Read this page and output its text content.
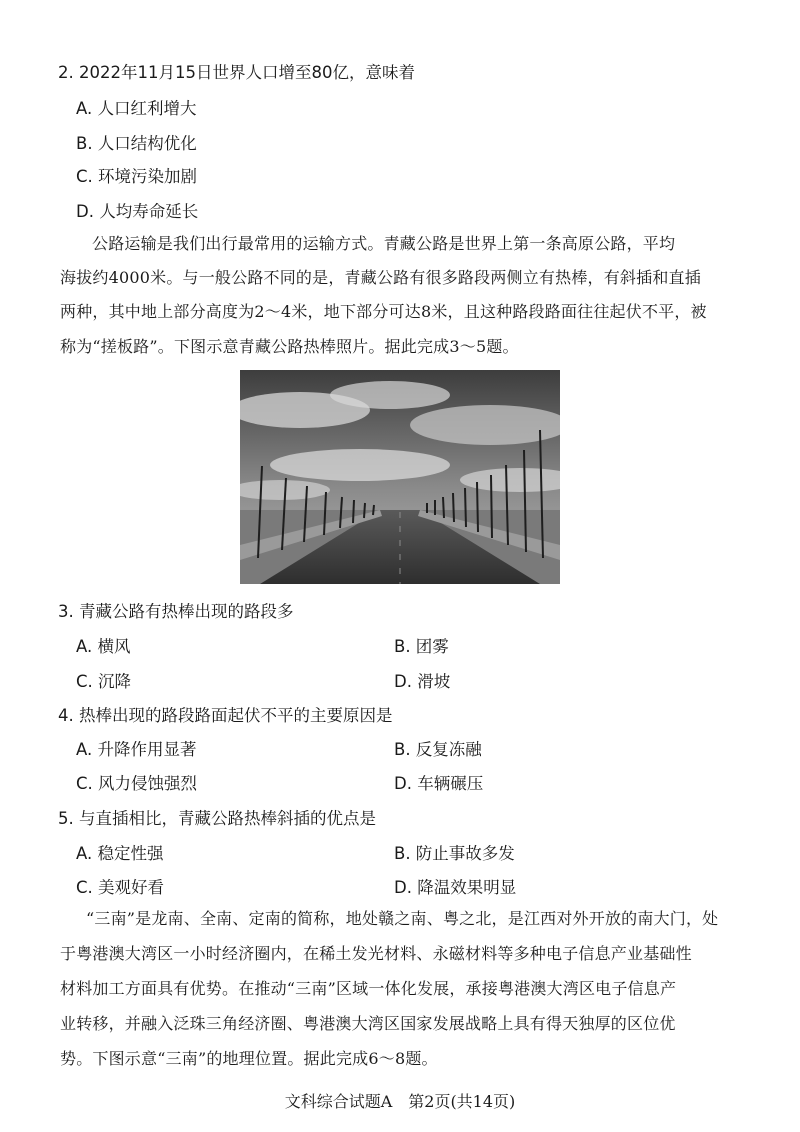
2. 2022年11月15日世界人口增至80亿，意味着
A. 人口红利增大
B. 人口结构优化
C. 环境污染加剧
D. 人均寿命延长
公路运输是我们出行最常用的运输方式。青藏公路是世界上第一条高原公路，平均
海拔约4000米。与一般公路不同的是，青藏公路有很多路段两侧立有热棒，有斜插和直插
两种，其中地上部分高度为2～4米，地下部分可达8米，且这种路段路面往往起伏不平，被
称为“搓板路”。下图示意青藏公路热棒照片。据此完成3～5题。
3. 青藏公路有热棒出现的路段多
A. 横风	B. 团雾
C. 沉降	D. 滑坡
4. 热棒出现的路段路面起伏不平的主要原因是
A. 升降作用显著	B. 反复冻融
C. 风力侵蚀强烈	D. 车辆碾压
5. 与直插相比，青藏公路热棒斜插的优点是
A. 稳定性强	B. 防止事故多发
C. 美观好看	D. 降温效果明显
“三南”是龙南、全南、定南的简称，地处赣之南、粤之北，是江西对外开放的南大门，处
于粤港澳大湾区一小时经济圈内，在稀土发光材料、永磁材料等多种电子信息产业基础性
材料加工方面具有优势。在推动“三南”区域一体化发展，承接粤港澳大湾区电子信息产
业转移，并融入泛珠三角经济圈、粤港澳大湾区国家发展战略上具有得天独厚的区位优
势。下图示意“三南”的地理位置。据此完成6～8题。
文科综合试题A　第2页(共14页)
